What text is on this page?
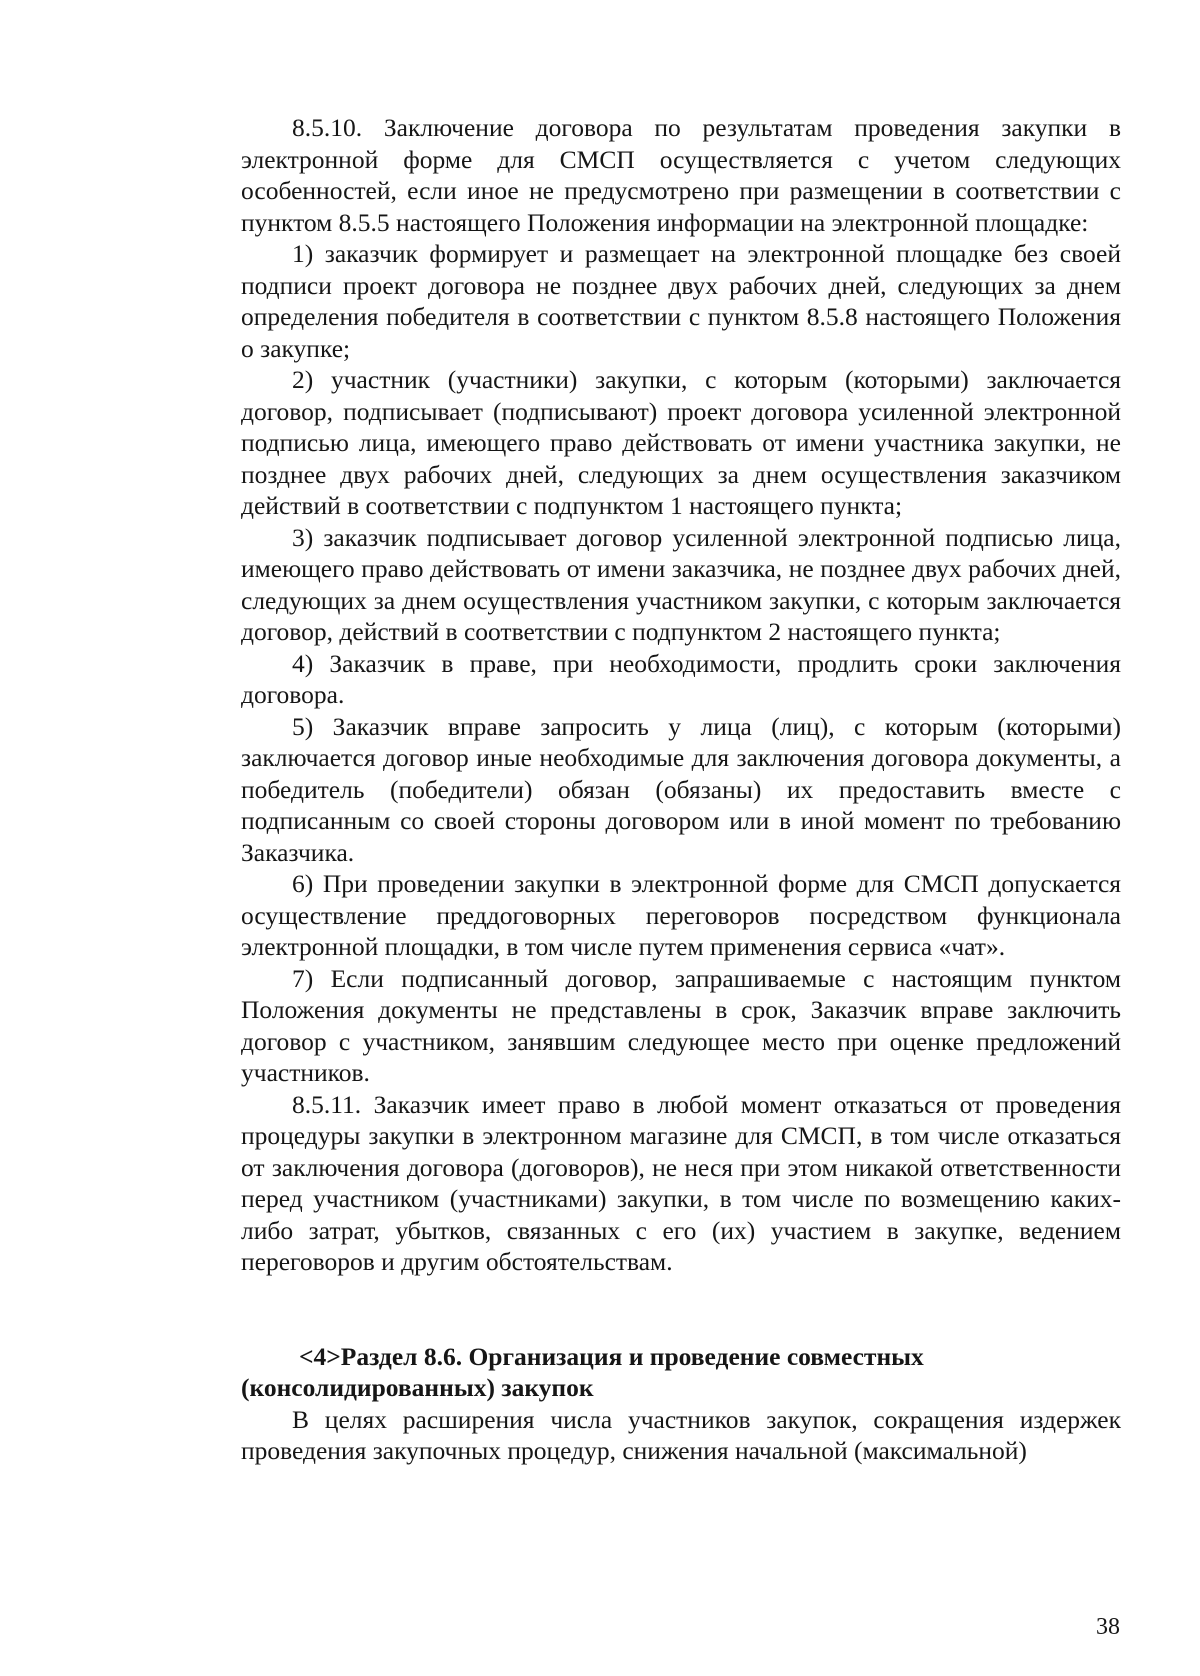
8.5.10. Заключение договора по результатам проведения закупки в электронной форме для СМСП осуществляется с учетом следующих особенностей, если иное не предусмотрено при размещении в соответствии с пунктом 8.5.5 настоящего Положения информации на электронной площадке:

1) заказчик формирует и размещает на электронной площадке без своей подписи проект договора не позднее двух рабочих дней, следующих за днем определения победителя в соответствии с пунктом 8.5.8 настоящего Положения о закупке;

2) участник (участники) закупки, с которым (которыми) заключается договор, подписывает (подписывают) проект договора усиленной электронной подписью лица, имеющего право действовать от имени участника закупки, не позднее двух рабочих дней, следующих за днем осуществления заказчиком действий в соответствии с подпунктом 1 настоящего пункта;

3) заказчик подписывает договор усиленной электронной подписью лица, имеющего право действовать от имени заказчика, не позднее двух рабочих дней, следующих за днем осуществления участником закупки, с которым заключается договор, действий в соответствии с подпунктом 2 настоящего пункта;

4) Заказчик в праве, при необходимости, продлить сроки заключения договора.

5) Заказчик вправе запросить у лица (лиц), с которым (которыми) заключается договор иные необходимые для заключения договора документы, а победитель (победители) обязан (обязаны) их предоставить вместе с подписанным со своей стороны договором или в иной момент по требованию Заказчика.

6) При проведении закупки в электронной форме для СМСП допускается осуществление преддоговорных переговоров посредством функционала электронной площадки, в том числе путем применения сервиса «чат».

7) Если подписанный договор, запрашиваемые с настоящим пунктом Положения документы не представлены в срок, Заказчик вправе заключить договор с участником, занявшим следующее место при оценке предложений участников.

8.5.11. Заказчик имеет право в любой момент отказаться от проведения процедуры закупки в электронном магазине для СМСП, в том числе отказаться от заключения договора (договоров), не неся при этом никакой ответственности перед участником (участниками) закупки, в том числе по возмещению каких-либо затрат, убытков, связанных с его (их) участием в закупке, ведением переговоров и другим обстоятельствам.

<4>Раздел 8.6. Организация и проведение совместных (консолидированных) закупок

В целях расширения числа участников закупок, сокращения издержек проведения закупочных процедур, снижения начальной (максимальной)

38
